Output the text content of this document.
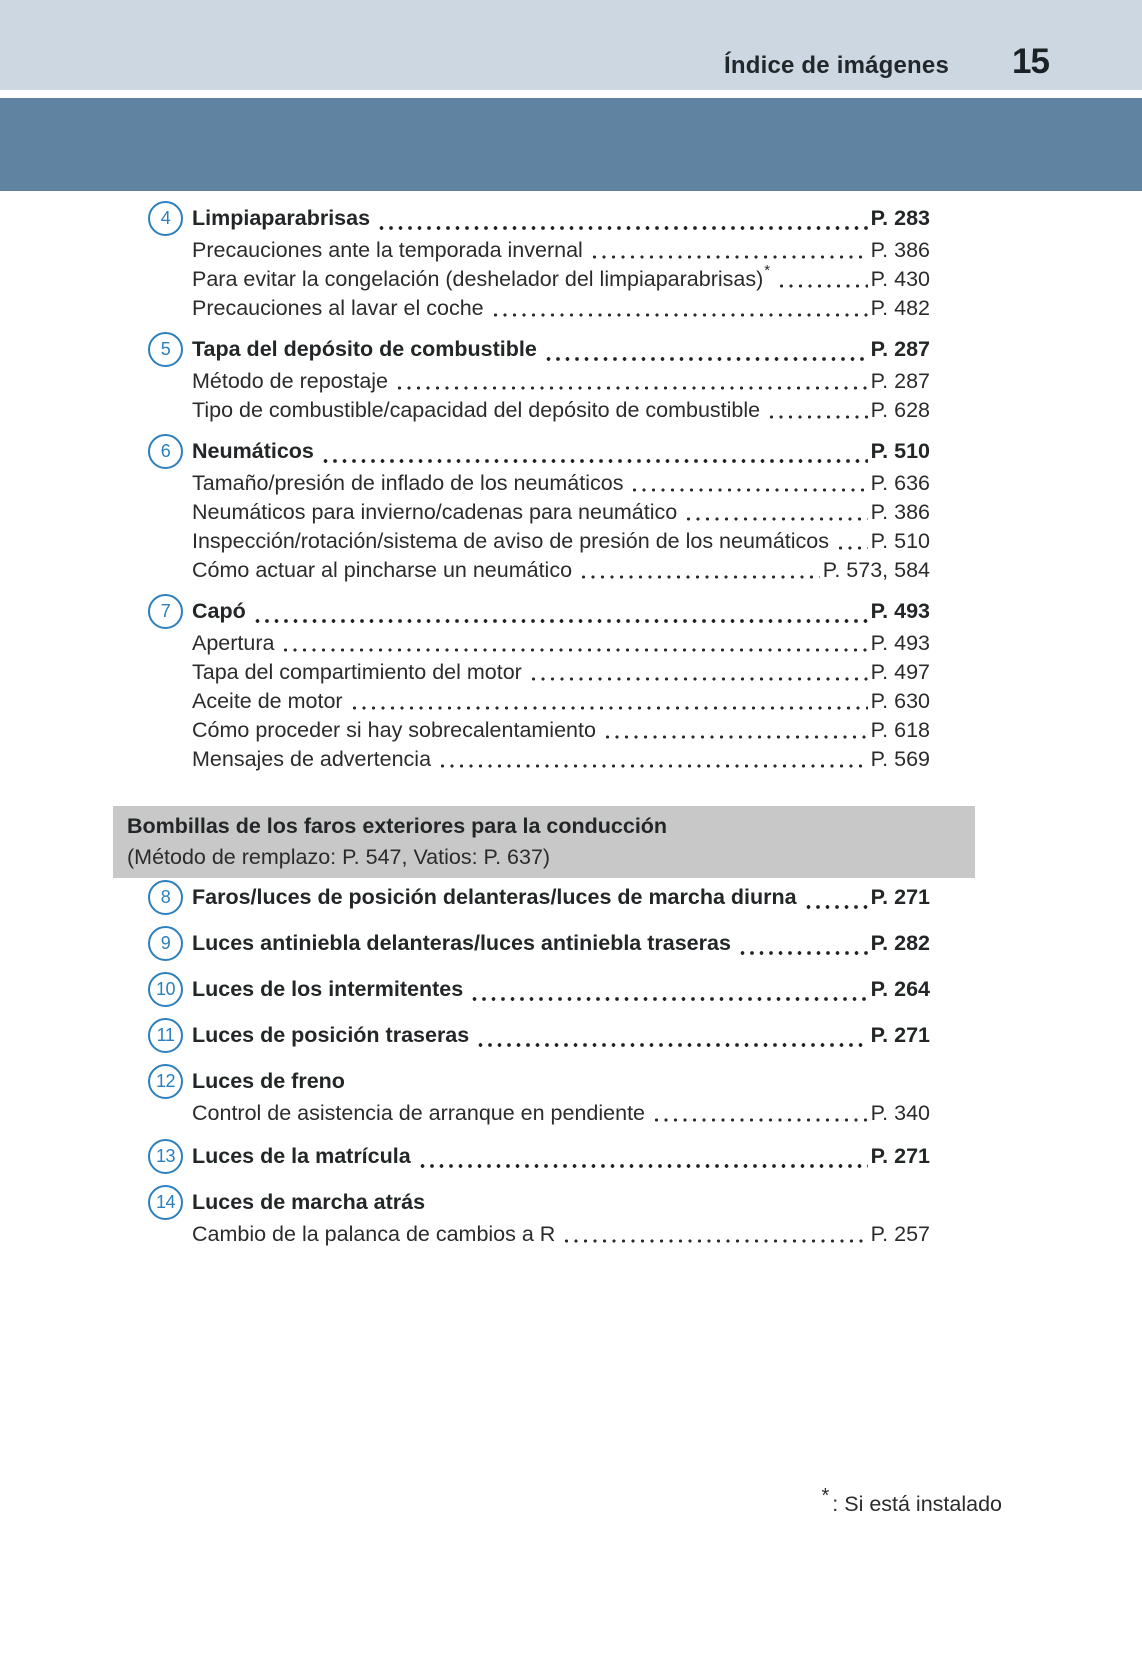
Índice de imágenes 15
4 Limpiaparabrisas	P. 283
Precauciones ante la temporada invernal	P. 386
Para evitar la congelación (deshelador del limpiaparabrisas) *	P. 430
Precauciones al lavar el coche	P. 482
5 Tapa del depósito de combustible	P. 287
Método de repostaje	P. 287
Tipo de combustible/capacidad del depósito de combustible	P. 628
6 Neumáticos	P. 510
Tamaño/presión de inflado de los neumáticos	P. 636
Neumáticos para invierno/cadenas para neumático	P. 386
Inspección/rotación/sistema de aviso de presión de los neumáticos P. 510
Cómo actuar al pincharse un neumático	P. 573, 584
7 Capó	P. 493
Apertura	P. 493
Tapa del compartimiento del motor	P. 497
Aceite de motor	P. 630
Cómo proceder si hay sobrecalentamiento	P. 618
Mensajes de advertencia	P. 569
Bombillas de los faros exteriores para la conducción
(Método de remplazo: P. 547, Vatios: P. 637)
8 Faros/luces de posición delanteras/luces de marcha diurna	P. 271
9 Luces antiniebla delanteras/luces antiniebla traseras	P. 282
10 Luces de los intermitentes	P. 264
11 Luces de posición traseras	P. 271
12 Luces de freno
Control de asistencia de arranque en pendiente	P. 340
13 Luces de la matrícula	P. 271
14 Luces de marcha atrás
Cambio de la palanca de cambios a R	P. 257
* : Si está instalado
